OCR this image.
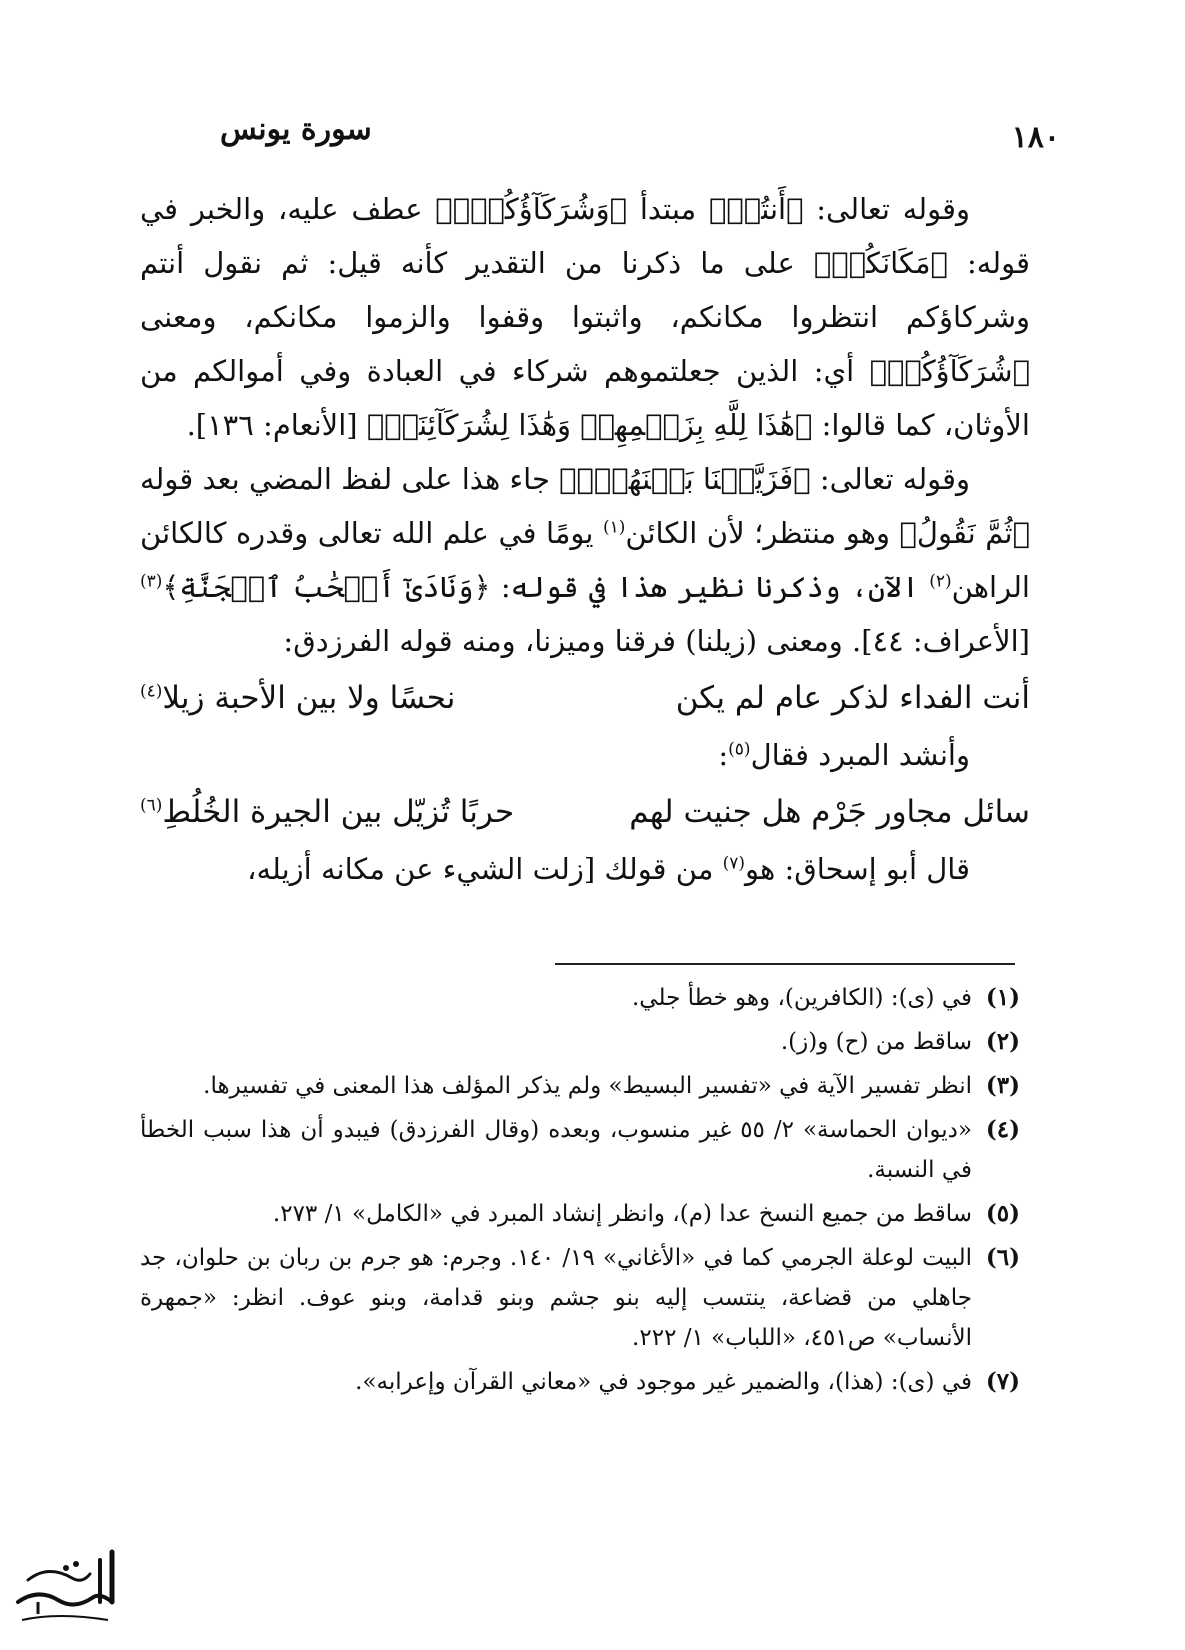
١٨٠
سورة يونس

وقوله تعالى: ﴿أَنتُمۡ﴾ مبتدأ ﴿وَشُرَكَآؤُكُمۡۚ﴾ عطف عليه، والخبر في قوله: ﴿مَكَانَكُمۡ﴾ على ما ذكرنا من التقدير كأنه قيل: ثم نقول أنتم وشركاؤكم انتظروا مكانكم، واثبتوا وقفوا والزموا مكانكم، ومعنى ﴿شُرَكَآؤُكُمۡ﴾ أي: الذين جعلتموهم شركاء في العبادة وفي أموالكم من الأوثان، كما قالوا: ﴿هَٰذَا لِلَّهِ بِزَعۡمِهِمۡ وَهَٰذَا لِشُرَكَآئِنَاۖ﴾ [الأنعام: ١٣٦].

وقوله تعالى: ﴿فَزَيَّلۡنَا بَيۡنَهُمۡۖ﴾ جاء هذا على لفظ المضي بعد قوله ﴿ثُمَّ نَقُولُ﴾ وهو منتظر؛ لأن الكائن$^{(١)}$ يومًا في علم الله تعالى وقدره كالكائن الراهن$^{(٢)}$ الآن، وذكرنا نظير هذا في قوله: ﴿وَنَادَىٰٓ أَصۡحَٰبُ ٱلۡجَنَّةِ﴾$^{(٣)}$ [الأعراف: ٤٤]. ومعنى (زيلنا) فرقنا وميزنا، ومنه قوله الفرزدق:

أنت الفداء لذكر عام لم يكن
نحسًا ولا بين الأحبة زيلا$^{(٤)}$

وأنشد المبرد فقال$^{(٥)}$:

سائل مجاور جَرْم هل جنيت لهم
حربًا تُزيّل بين الجيرة الخُلُطِ$^{(٦)}$

قال أبو إسحاق: هو$^{(٧)}$ من قولك [زلت الشيء عن مكانه أزيله،

(١)
في (ى): (الكافرين)، وهو خطأ جلي.
(٢)
ساقط من (ح) و(ز).
(٣)
انظر تفسير الآية في «تفسير البسيط» ولم يذكر المؤلف هذا المعنى في تفسيرها.
(٤)
«ديوان الحماسة» ٢/ ٥٥ غير منسوب، وبعده (وقال الفرزدق) فيبدو أن هذا سبب الخطأ في النسبة.
(٥)
ساقط من جميع النسخ عدا (م)، وانظر إنشاد المبرد في «الكامل» ١/ ٢٧٣.
(٦)
البيت لوعلة الجرمي كما في «الأغاني» ١٩/ ١٤٠. وجرم: هو جرم بن ربان بن حلوان، جد جاهلي من قضاعة، ينتسب إليه بنو جشم وبنو قدامة، وبنو عوف. انظر: «جمهرة الأنساب» ص٤٥١، «اللباب» ١/ ٢٢٢.
(٧)
في (ى): (هذا)، والضمير غير موجود في «معاني القرآن وإعرابه».
